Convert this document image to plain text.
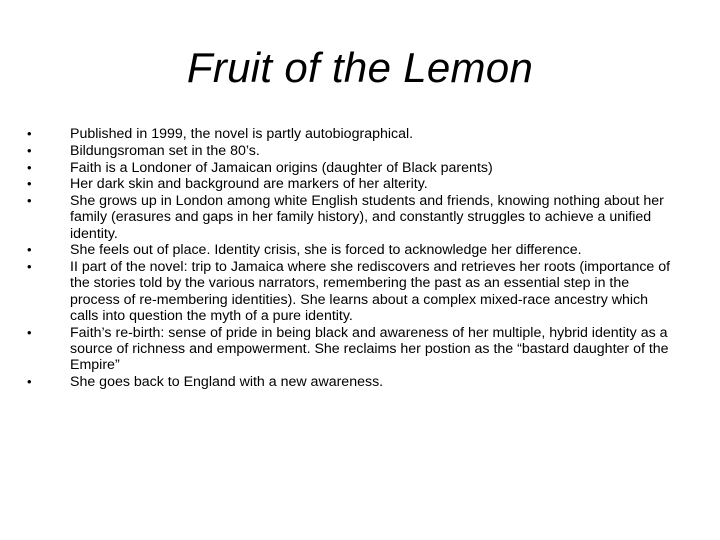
Fruit of the Lemon
•	Published in 1999, the novel is partly autobiographical.
•	Bildungsroman set in the 80’s.
•	Faith is a Londoner of Jamaican origins (daughter of Black parents)
•	Her dark skin and background are markers of her alterity.
•	She grows up in London among white English students and friends, knowing nothing about her family (erasures and gaps in her family history), and constantly struggles to achieve a unified identity.
•	She feels out of place. Identity crisis, she is forced to acknowledge her difference.
•	II part of the novel: trip to Jamaica where she rediscovers and retrieves her roots (importance of the stories told by the various narrators, remembering the past as an essential step in the process of re-membering identities). She learns about a complex mixed-race ancestry which calls into question the myth of a pure identity.
•	Faith’s re-birth: sense of pride in being black and awareness of her multiple, hybrid identity as a source of richness and empowerment. She reclaims her postion as the “bastard daughter of the Empire”
•	She goes back to England with a new awareness.
